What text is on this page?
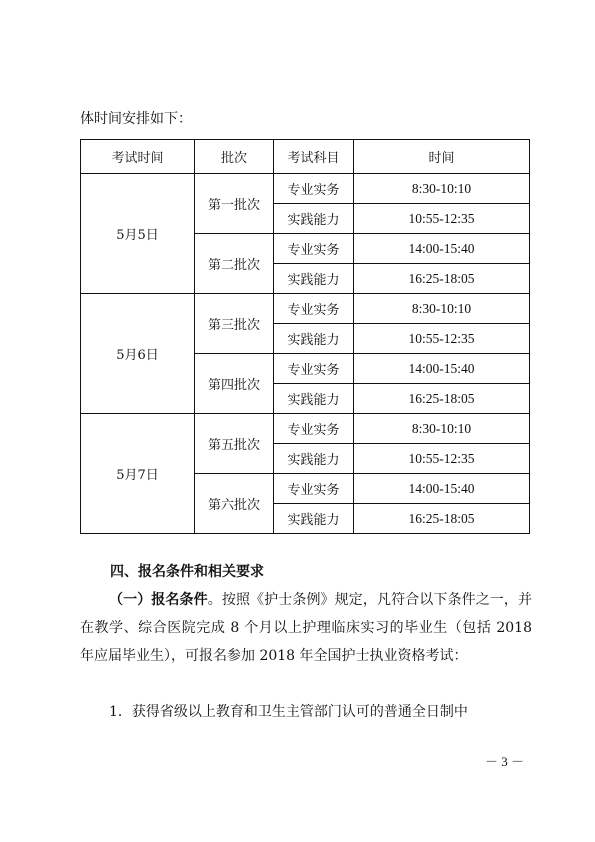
体时间安排如下：
考试时间	批次	考试科目	时间
5月5日	第一批次	专业实务	8:30-10:10
		实践能力	10:55-12:35
	第二批次	专业实务	14:00-15:40
		实践能力	16:25-18:05
5月6日	第三批次	专业实务	8:30-10:10
		实践能力	10:55-12:35
	第四批次	专业实务	14:00-15:40
		实践能力	16:25-18:05
5月7日	第五批次	专业实务	8:30-10:10
		实践能力	10:55-12:35
	第六批次	专业实务	14:00-15:40
		实践能力	16:25-18:05
四、报名条件和相关要求
（一）报名条件。按照《护士条例》规定，凡符合以下条件之一，并在教学、综合医院完成 8 个月以上护理临床实习的毕业生（包括 2018 年应届毕业生），可报名参加 2018 年全国护士执业资格考试：
1．获得省级以上教育和卫生主管部门认可的普通全日制中
－ 3 －
